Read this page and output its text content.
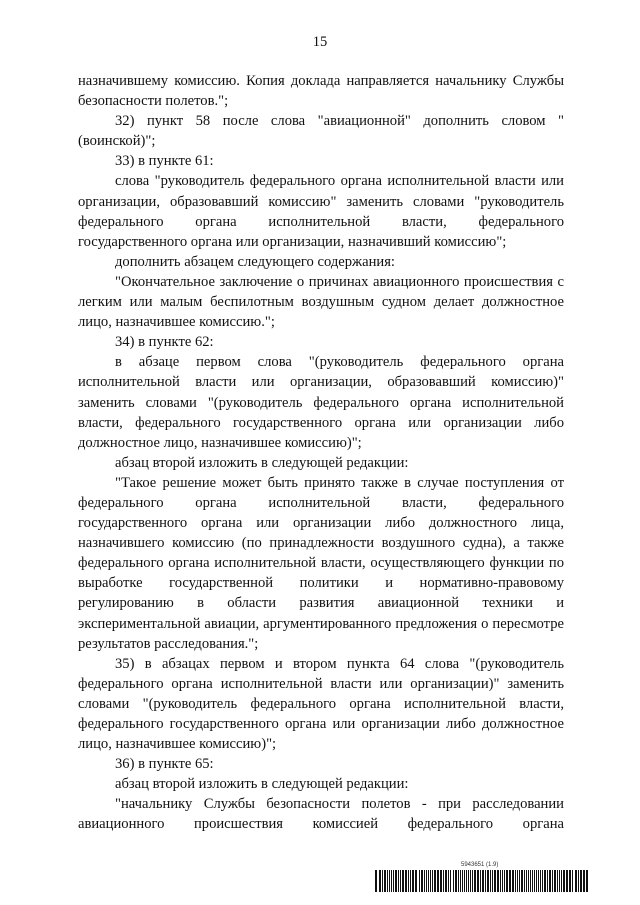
15

назначившему комиссию. Копия доклада направляется начальнику Службы безопасности полетов.";

32) пункт 58 после слова "авиационной" дополнить словом "(воинской)";

33) в пункте 61:

слова "руководитель федерального органа исполнительной власти или организации, образовавший комиссию" заменить словами "руководитель федерального органа исполнительной власти, федерального государственного органа или организации, назначивший комиссию";

дополнить абзацем следующего содержания:

"Окончательное заключение о причинах авиационного происшествия с легким или малым беспилотным воздушным судном делает должностное лицо, назначившее комиссию.";

34) в пункте 62:

в абзаце первом слова "(руководитель федерального органа исполнительной власти или организации, образовавший комиссию)" заменить словами "(руководитель федерального органа исполнительной власти, федерального государственного органа или организации либо должностное лицо, назначившее комиссию)";

абзац второй изложить в следующей редакции:

"Такое решение может быть принято также в случае поступления от федерального органа исполнительной власти, федерального государственного органа или организации либо должностного лица, назначившего комиссию (по принадлежности воздушного судна), а также федерального органа исполнительной власти, осуществляющего функции по выработке государственной политики и нормативно-правовому регулированию в области развития авиационной техники и экспериментальной авиации, аргументированного предложения о пересмотре результатов расследования.";

35) в абзацах первом и втором пункта 64 слова "(руководитель федерального органа исполнительной власти или организации)" заменить словами "(руководитель федерального органа исполнительной власти, федерального государственного органа или организации либо должностное лицо, назначившее комиссию)";

36) в пункте 65:

абзац второй изложить в следующей редакции:

"начальнику Службы безопасности полетов - при расследовании авиационного происшествия комиссией федерального органа

5943651 (1.9)
